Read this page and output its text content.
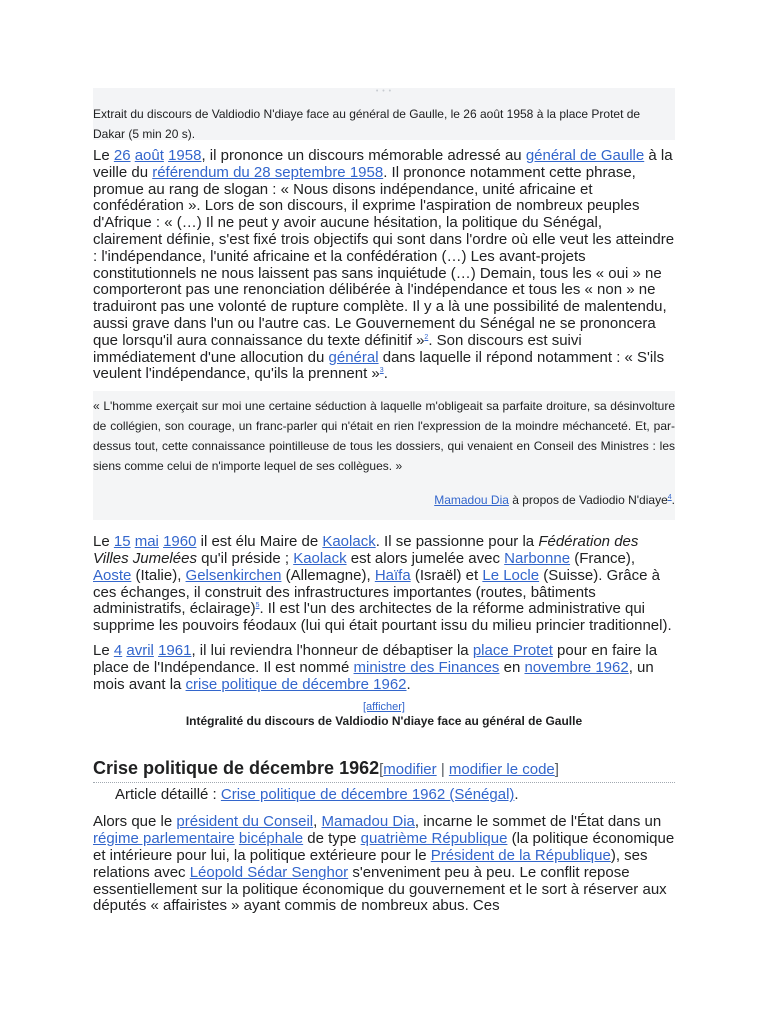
• • •
Extrait du discours de Valdiodio N'diaye face au général de Gaulle, le 26 août 1958 à la place Protet de Dakar (5 min 20 s).

Le 26 août 1958, il prononce un discours mémorable adressé au général de Gaulle à la veille du référendum du 28 septembre 1958. Il prononce notamment cette phrase, promue au rang de slogan : « Nous disons indépendance, unité africaine et confédération ». Lors de son discours, il exprime l'aspiration de nombreux peuples d'Afrique : « (…) Il ne peut y avoir aucune hésitation, la politique du Sénégal, clairement définie, s'est fixé trois objectifs qui sont dans l'ordre où elle veut les atteindre : l'indépendance, l'unité africaine et la confédération (…) Les avant-projets constitutionnels ne nous laissent pas sans inquiétude (…) Demain, tous les « oui » ne comporteront pas une renonciation délibérée à l'indépendance et tous les « non » ne traduiront pas une volonté de rupture complète. Il y a là une possibilité de malentendu, aussi grave dans l'un ou l'autre cas. Le Gouvernement du Sénégal ne se prononcera que lorsqu'il aura connaissance du texte définitif »$^2$. Son discours est suivi immédiatement d'une allocution du général dans laquelle il répond notamment : « S'ils veulent l'indépendance, qu'ils la prennent »$^3$.

« L'homme exerçait sur moi une certaine séduction à laquelle m'obligeait sa parfaite droiture, sa désinvolture de collégien, son courage, un franc-parler qui n'était en rien l'expression de la moindre méchanceté. Et, par-dessus tout, cette connaissance pointilleuse de tous les dossiers, qui venaient en Conseil des Ministres : les siens comme celui de n'importe lequel de ses collègues. »

Mamadou Dia à propos de Vadiodio N'diaye$^4$.

Le 15 mai 1960 il est élu Maire de Kaolack. Il se passionne pour la Fédération des Villes Jumelées qu'il préside ; Kaolack est alors jumelée avec Narbonne (France), Aoste (Italie), Gelsenkirchen (Allemagne), Haïfa (Israël) et Le Locle (Suisse). Grâce à ces échanges, il construit des infrastructures importantes (routes, bâtiments administratifs, éclairage)$^5$. Il est l'un des architectes de la réforme administrative qui supprime les pouvoirs féodaux (lui qui était pourtant issu du milieu princier traditionnel).

Le 4 avril 1961, il lui reviendra l'honneur de débaptiser la place Protet pour en faire la place de l'Indépendance. Il est nommé ministre des Finances en novembre 1962, un mois avant la crise politique de décembre 1962.

[afficher]
Intégralité du discours de Valdiodio N'diaye face au général de Gaulle
Crise politique de décembre 1962[modifier | modifier le code]
Article détaillé : Crise politique de décembre 1962 (Sénégal).

Alors que le président du Conseil, Mamadou Dia, incarne le sommet de l'État dans un régime parlementaire bicéphale de type quatrième République (la politique économique et intérieure pour lui, la politique extérieure pour le Président de la République), ses relations avec Léopold Sédar Senghor s'enveniment peu à peu. Le conflit repose essentiellement sur la politique économique du gouvernement et le sort à réserver aux députés « affairistes » ayant commis de nombreux abus. Ces
